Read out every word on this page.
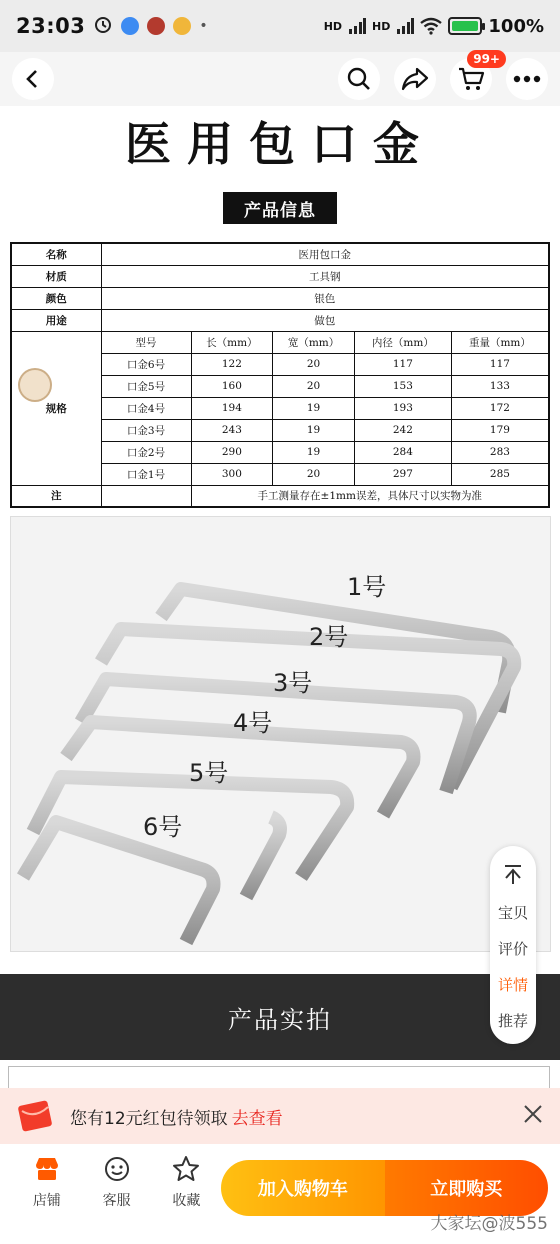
23:03	•	HD	HD	100%
99+
医用包口金
产品信息
名称	医用包口金				
材质	工具钢				
颜色	银色				
用途	做包				
规格	型号	长（mm）	宽（mm）	内径（mm）	重量（mm）
	口金6号	122	20	117	117
	口金5号	160	20	153	133
	口金4号	194	19	193	172
	口金3号	243	19	242	179
	口金2号	290	19	284	283
	口金1号	300	20	297	285
注		手工测量存在±1mm误差，具体尺寸以实物为准			
1号
2号
3号
4号
5号
6号
产品实拍
宝贝
评价
详情
推荐
您有12元红包待领取 去查看
店铺	客服	收藏
加入购物车	立即购买
大家坛@波555
